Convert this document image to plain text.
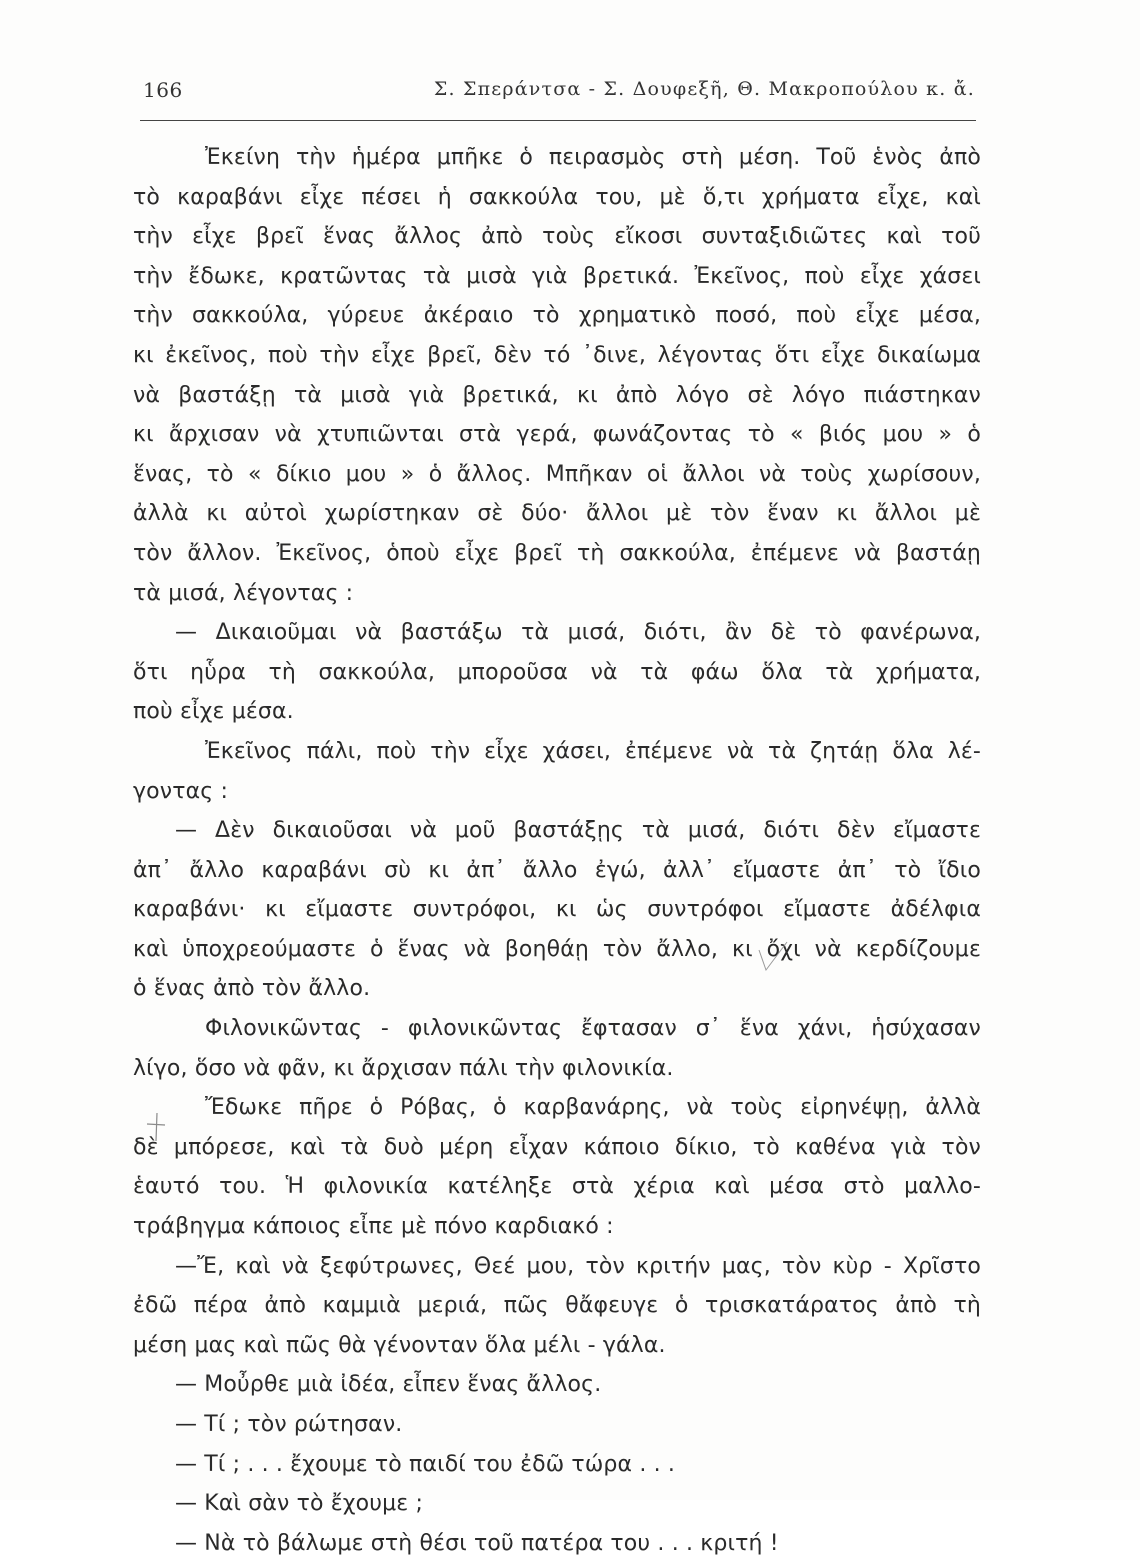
166	Σ. Σπεράντσα - Σ. Δουφεξῆ, Θ. Μακροπούλου κ. ἄ.
Ἐκείνη τὴν ἡμέρα μπῆκε ὁ πειρασμὸς στὴ μέση. Τοῦ ἑνὸς ἀπὸ
τὸ καραβάνι εἶχε πέσει ἡ σακκούλα του, μὲ ὅ,τι χρήματα εἶχε, καὶ
τὴν εἶχε βρεῖ ἕνας ἄλλος ἀπὸ τοὺς εἴκοσι συνταξιδιῶτες καὶ τοῦ
τὴν ἔδωκε, κρατῶντας τὰ μισὰ γιὰ βρετικά. Ἐκεῖνος, ποὺ εἶχε χάσει
τὴν σακκούλα, γύρευε ἀκέραιο τὸ χρηματικὸ ποσό, ποὺ εἶχε μέσα,
κι ἐκεῖνος, ποὺ τὴν εἶχε βρεῖ, δὲν τό ᾽δινε, λέγοντας ὅτι εἶχε δικαίωμα
νὰ βαστάξῃ τὰ μισὰ γιὰ βρετικά, κι ἀπὸ λόγο σὲ λόγο πιάστηκαν
κι ἄρχισαν νὰ χτυπιῶνται στὰ γερά, φωνάζοντας τὸ « βιός μου » ὁ
ἕνας, τὸ « δίκιο μου » ὁ ἄλλος. Μπῆκαν οἱ ἄλλοι νὰ τοὺς χωρίσουν,
ἀλλὰ κι αὐτοὶ χωρίστηκαν σὲ δύο· ἄλλοι μὲ τὸν ἕναν κι ἄλλοι μὲ
τὸν ἄλλον. Ἐκεῖνος, ὁποὺ εἶχε βρεῖ τὴ σακκούλα, ἐπέμενε νὰ βαστάῃ
τὰ μισά, λέγοντας :
— Δικαιοῦμαι νὰ βαστάξω τὰ μισά, διότι, ἂν δὲ τὸ φανέρωνα,
ὅτι ηὗρα τὴ σακκούλα, μποροῦσα νὰ τὰ φάω ὅλα τὰ χρήματα,
ποὺ εἶχε μέσα.
Ἐκεῖνος πάλι, ποὺ τὴν εἶχε χάσει, ἐπέμενε νὰ τὰ ζητάῃ ὅλα λέ-
γοντας :
— Δὲν δικαιοῦσαι νὰ μοῦ βαστάξῃς τὰ μισά, διότι δὲν εἴμαστε
ἀπ᾽ ἄλλο καραβάνι σὺ κι ἀπ᾽ ἄλλο ἐγώ, ἀλλ᾽ εἴμαστε ἀπ᾽ τὸ ἴδιο
καραβάνι· κι εἴμαστε συντρόφοι, κι ὡς συντρόφοι εἴμαστε ἀδέλφια
καὶ ὑποχρεούμαστε ὁ ἕνας νὰ βοηθάῃ τὸν ἄλλο, κι ὄχι νὰ κερδίζουμε
ὁ ἕνας ἀπὸ τὸν ἄλλο.
Φιλονικῶντας - φιλονικῶντας ἔφτασαν σ᾽ ἕνα χάνι, ἡσύχασαν
λίγο, ὅσο νὰ φᾶν, κι ἄρχισαν πάλι τὴν φιλονικία.
Ἔδωκε πῆρε ὁ Ρόβας, ὁ καρβανάρης, νὰ τοὺς εἰρηνέψῃ, ἀλλὰ
δὲ μπόρεσε, καὶ τὰ δυὸ μέρη εἶχαν κάποιο δίκιο, τὸ καθένα γιὰ τὸν
ἑαυτό του. Ἡ φιλονικία κατέληξε στὰ χέρια καὶ μέσα στὸ μαλλο-
τράβηγμα κάποιος εἶπε μὲ πόνο καρδιακό :
—Ἔ, καὶ νὰ ξεφύτρωνες, Θεέ μου, τὸν κριτήν μας, τὸν κὺρ - Χρῖστο
ἐδῶ πέρα ἀπὸ καμμιὰ μεριά, πῶς θἄφευγε ὁ τρισκατάρατος ἀπὸ τὴ
μέση μας καὶ πῶς θὰ γένονταν ὅλα μέλι - γάλα.
— Μοὖρθε μιὰ ἰδέα, εἶπεν ἕνας ἄλλος.
— Τί ; τὸν ρώτησαν.
— Τί ; . . . ἔχουμε τὸ παιδί του ἐδῶ τώρα . . .
— Καὶ σὰν τὸ ἔχουμε ;
— Νὰ τὸ βάλωμε στὴ θέσι τοῦ πατέρα του . . . κριτή !
